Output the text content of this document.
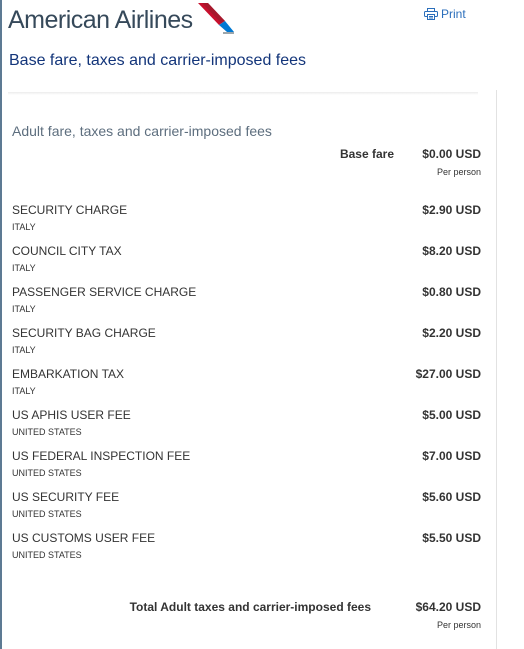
American Airlines	Print
Base fare, taxes and carrier-imposed fees
Adult fare, taxes and carrier-imposed fees
Base fare $0.00 USD
Per person
SECURITY CHARGE
ITALY
$2.90 USD
COUNCIL CITY TAX
ITALY
$8.20 USD
PASSENGER SERVICE CHARGE
ITALY
$0.80 USD
SECURITY BAG CHARGE
ITALY
$2.20 USD
EMBARKATION TAX
ITALY
$27.00 USD
US APHIS USER FEE
UNITED STATES
$5.00 USD
US FEDERAL INSPECTION FEE
UNITED STATES
$7.00 USD
US SECURITY FEE
UNITED STATES
$5.60 USD
US CUSTOMS USER FEE
UNITED STATES
$5.50 USD
Total Adult taxes and carrier-imposed fees	$64.20 USD
Per person
